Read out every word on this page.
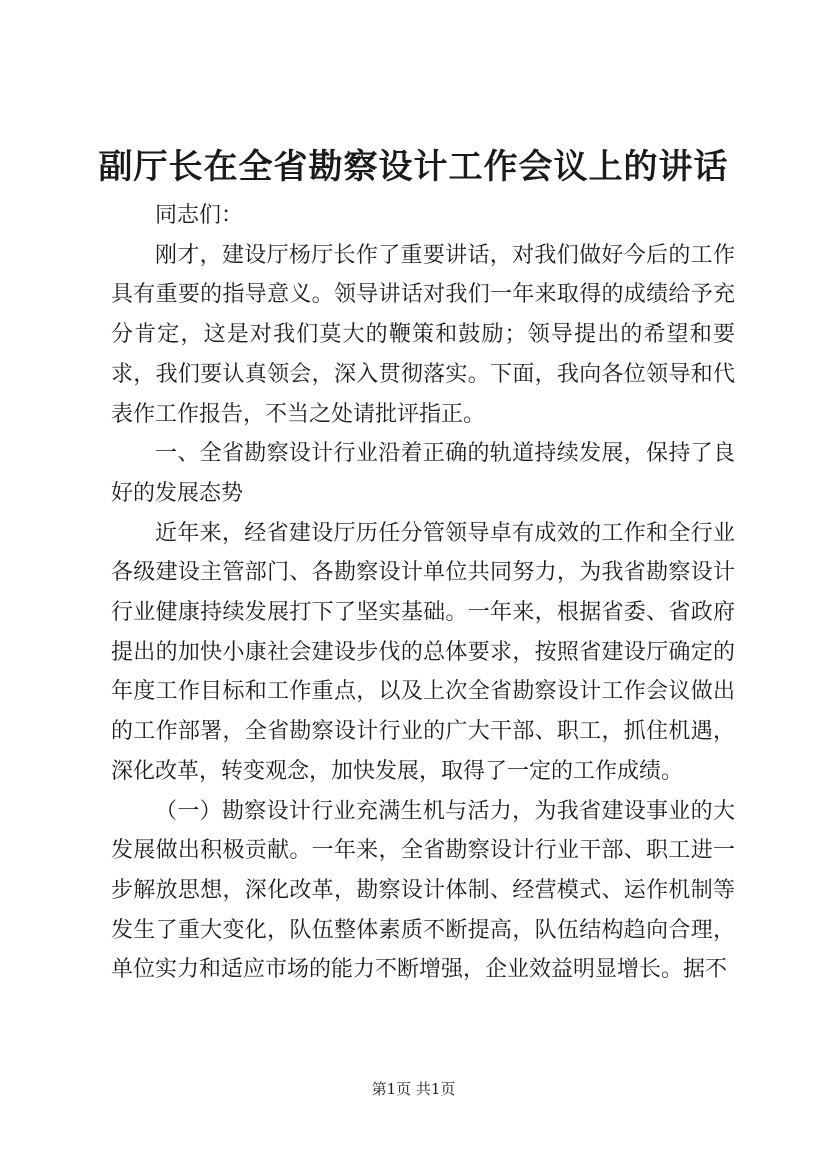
副厅长在全省勘察设计工作会议上的讲话

同志们：

刚才，建设厅杨厅长作了重要讲话，对我们做好今后的工作具有重要的指导意义。领导讲话对我们一年来取得的成绩给予充分肯定，这是对我们莫大的鞭策和鼓励；领导提出的希望和要求，我们要认真领会，深入贯彻落实。下面，我向各位领导和代表作工作报告，不当之处请批评指正。

一、全省勘察设计行业沿着正确的轨道持续发展，保持了良好的发展态势

近年来，经省建设厅历任分管领导卓有成效的工作和全行业各级建设主管部门、各勘察设计单位共同努力，为我省勘察设计行业健康持续发展打下了坚实基础。一年来，根据省委、省政府提出的加快小康社会建设步伐的总体要求，按照省建设厅确定的年度工作目标和工作重点，以及上次全省勘察设计工作会议做出的工作部署，全省勘察设计行业的广大干部、职工，抓住机遇，深化改革，转变观念，加快发展，取得了一定的工作成绩。

（一）勘察设计行业充满生机与活力，为我省建设事业的大发展做出积极贡献。一年来，全省勘察设计行业干部、职工进一步解放思想，深化改革，勘察设计体制、经营模式、运作机制等发生了重大变化，队伍整体素质不断提高，队伍结构趋向合理，单位实力和适应市场的能力不断增强，企业效益明显增长。据不

第1页 共1页
